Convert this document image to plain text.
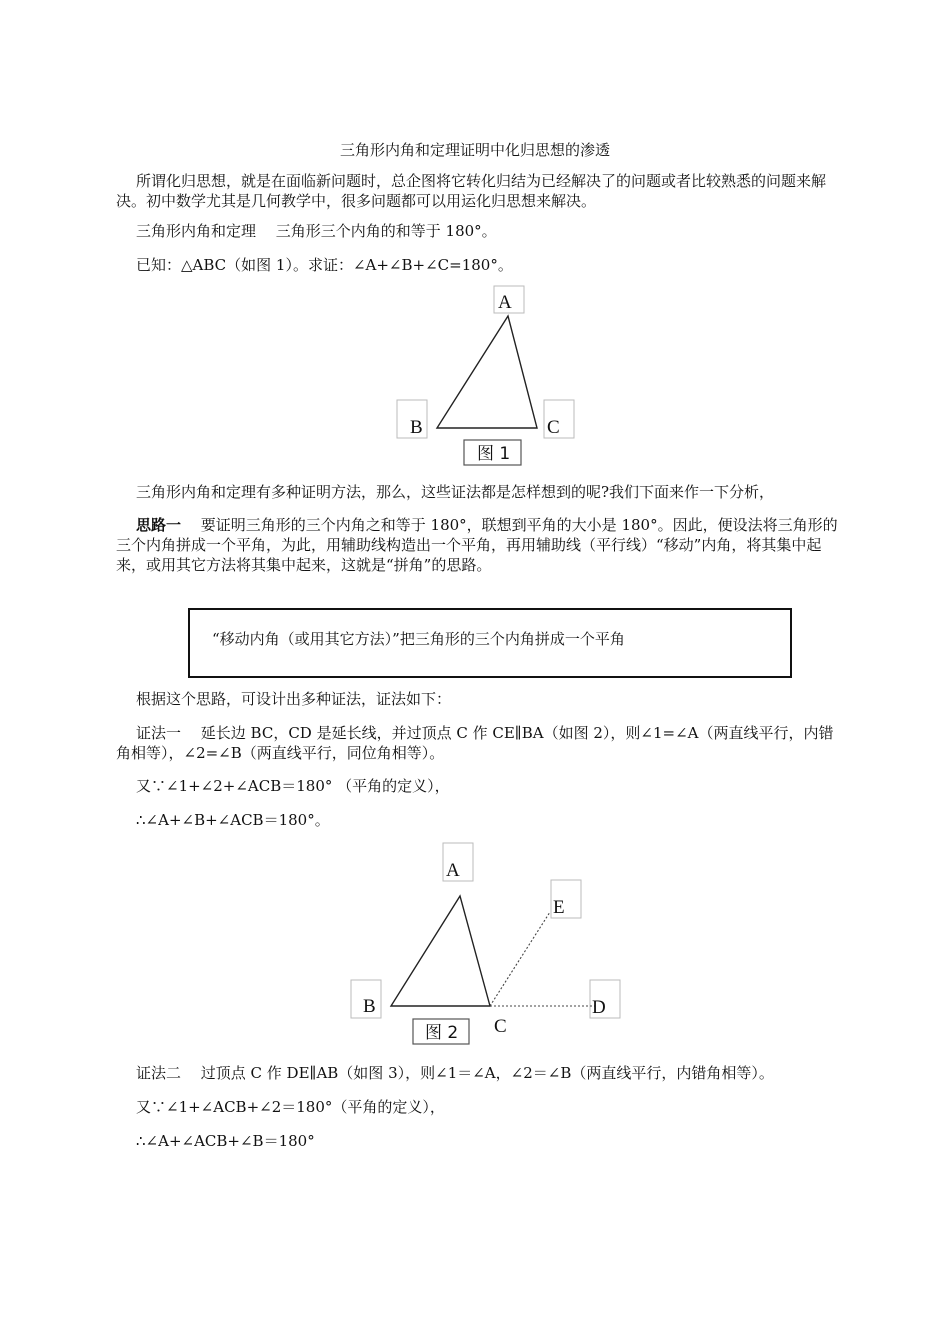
三角形内角和定理证明中化归思想的渗透
所谓化归思想，就是在面临新问题时，总企图将它转化归结为已经解决了的问题或者比较熟悉的问题来解决。初中数学尤其是几何教学中，很多问题都可以用运化归思想来解决。
三角形内角和定理　 三角形三个内角的和等于 180°。
已知：△ABC（如图 1）。求证：∠A+∠B+∠C=180°。
A
B	C
图 1
三角形内角和定理有多种证明方法，那么，这些证法都是怎样想到的呢?我们下面来作一下分析，
思路一　 要证明三角形的三个内角之和等于 180°，联想到平角的大小是 180°。因此，便设法将三角形的三个内角拼成一个平角，为此，用辅助线构造出一个平角，再用辅助线（平行线）“移动”内角，将其集中起来，或用其它方法将其集中起来，这就是“拼角”的思路。
“移动内角（或用其它方法）”把三角形的三个内角拼成一个平角
根据这个思路，可设计出多种证法，证法如下：
证法一　 延长边 BC，CD 是延长线，并过顶点 C 作 CE∥BA（如图 2），则∠1=∠A（两直线平行，内错角相等），∠2=∠B（两直线平行，同位角相等）。
又∵∠1+∠2+∠ACB＝180° （平角的定义），
∴∠A+∠B+∠ACB＝180°。
A
E
B	D
C
图 2
证法二　 过顶点 C 作 DE∥AB（如图 3），则∠1＝∠A，∠2＝∠B（两直线平行，内错角相等）。
又∵∠1+∠ACB+∠2＝180°（平角的定义），
∴∠A+∠ACB+∠B＝180°
